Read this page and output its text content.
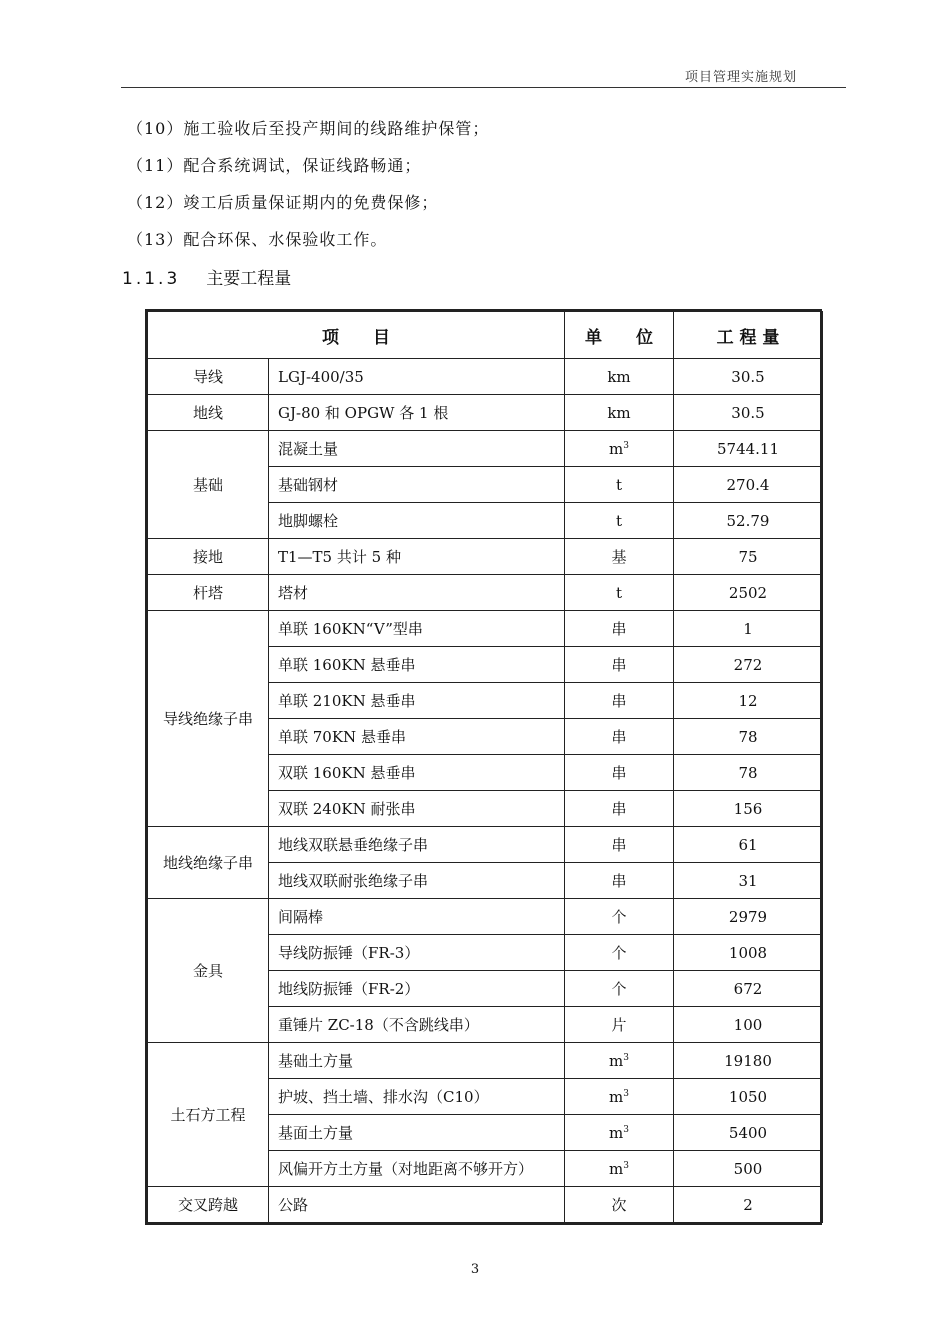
项目管理实施规划
（10）施工验收后至投产期间的线路维护保管；
（11）配合系统调试，保证线路畅通；
（12）竣工后质量保证期内的免费保修；
（13）配合环保、水保验收工作。
1.1.3 主要工程量
项　　目		单　　位	工 程 量
导线	LGJ-400/35	km	30.5
地线	GJ-80 和 OPGW 各 1 根	km	30.5
基础	混凝土量	$m^3$	5744.11
	基础钢材	t	270.4
	地脚螺栓	t	52.79
接地	T1—T5 共计 5 种	基	75
杆塔	塔材	t	2502
导线绝缘子串	单联 160KN“V”型串	串	1
	单联 160KN 悬垂串	串	272
	单联 210KN 悬垂串	串	12
	单联 70KN 悬垂串	串	78
	双联 160KN 悬垂串	串	78
	双联 240KN 耐张串	串	156
地线绝缘子串	地线双联悬垂绝缘子串	串	61
	地线双联耐张绝缘子串	串	31
金具	间隔棒	个	2979
	导线防振锤（FR-3）	个	1008
	地线防振锤（FR-2）	个	672
	重锤片 ZC-18（不含跳线串）	片	100
土石方工程	基础土方量	$m^3$	19180
	护坡、挡土墙、排水沟（C10）	$m^3$	1050
	基面土方量	$m^3$	5400
	风偏开方土方量（对地距离不够开方）	$m^3$	500
交叉跨越	公路	次	2
3
